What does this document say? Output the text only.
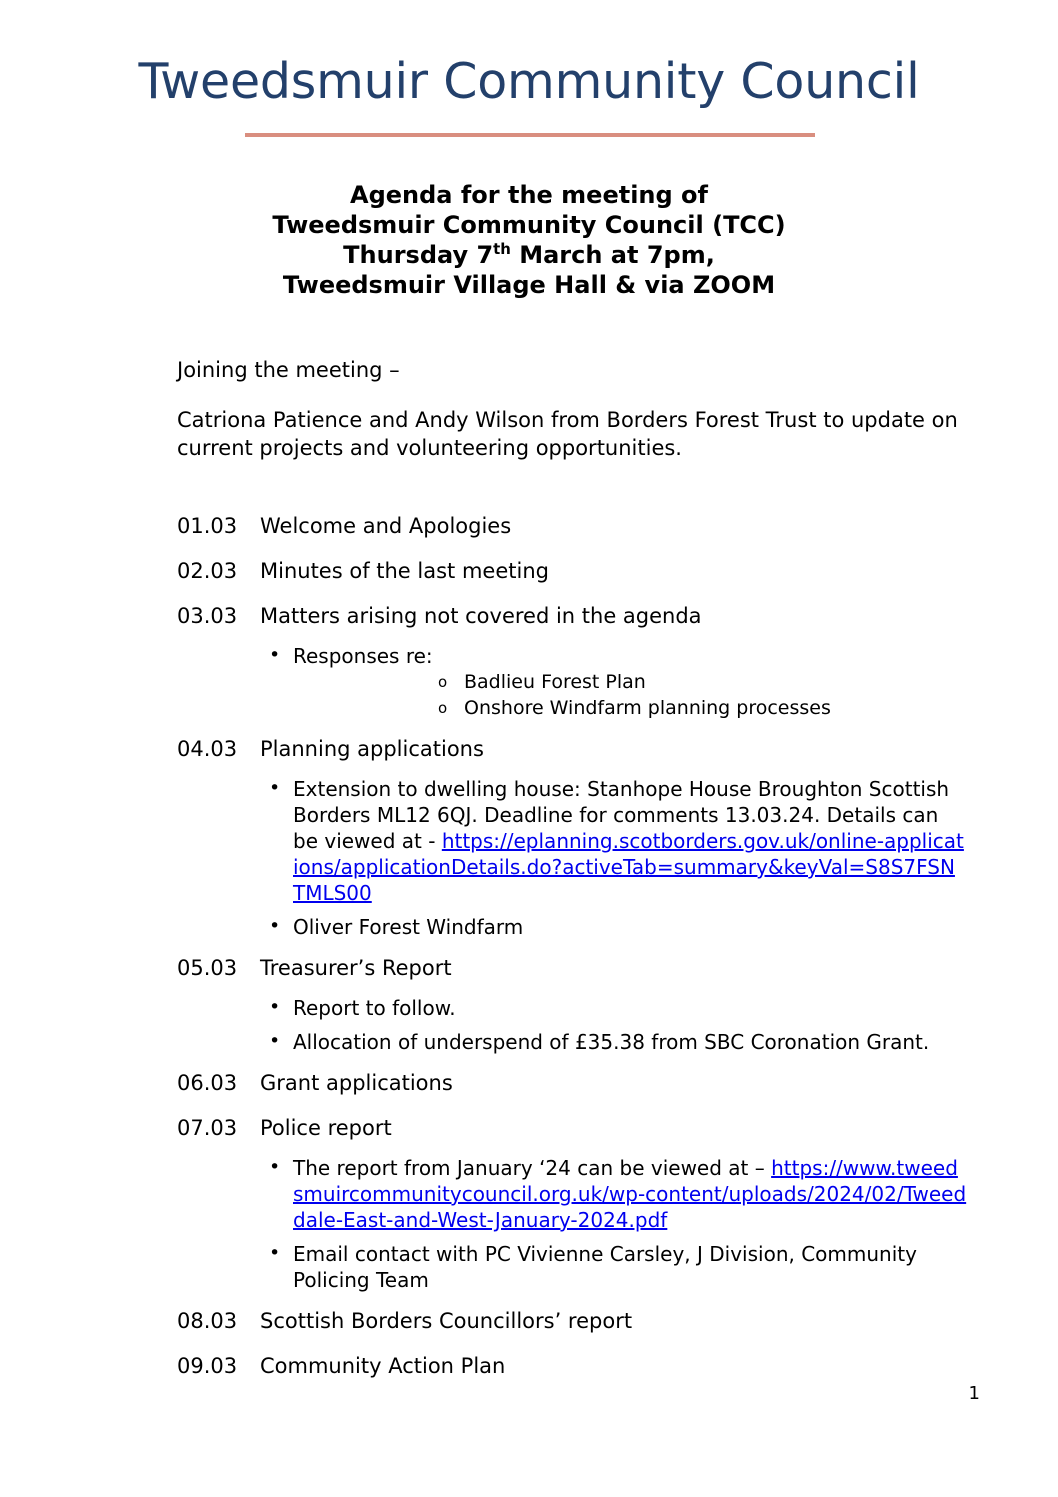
Tweedsmuir Community Council
Agenda for the meeting of
Tweedsmuir Community Council (TCC)
Thursday 7th March at 7pm,
Tweedsmuir Village Hall & via ZOOM

Joining the meeting –

Catriona Patience and Andy Wilson from Borders Forest Trust to update on current projects and volunteering opportunities.

01.03	Welcome and Apologies
02.03	Minutes of the last meeting
03.03	Matters arising not covered in the agenda
• Responses re:
o Badlieu Forest Plan
o Onshore Windfarm planning processes
04.03	Planning applications
• Extension to dwelling house: Stanhope House Broughton Scottish Borders ML12 6QJ. Deadline for comments 13.03.24. Details can be viewed at - https://eplanning.scotborders.gov.uk/online-applications/applicationDetails.do?activeTab=summary&keyVal=S8S7FSNTMLS00
• Oliver Forest Windfarm
05.03	Treasurer’s Report
• Report to follow.
• Allocation of underspend of £35.38 from SBC Coronation Grant.
06.03	Grant applications
07.03	Police report
• The report from January ‘24 can be viewed at – https://www.tweedsmuircommunitycouncil.org.uk/wp-content/uploads/2024/02/Tweeddale-East-and-West-January-2024.pdf
• Email contact with PC Vivienne Carsley, J Division, Community Policing Team
08.03	Scottish Borders Councillors’ report
09.03	Community Action Plan
1
